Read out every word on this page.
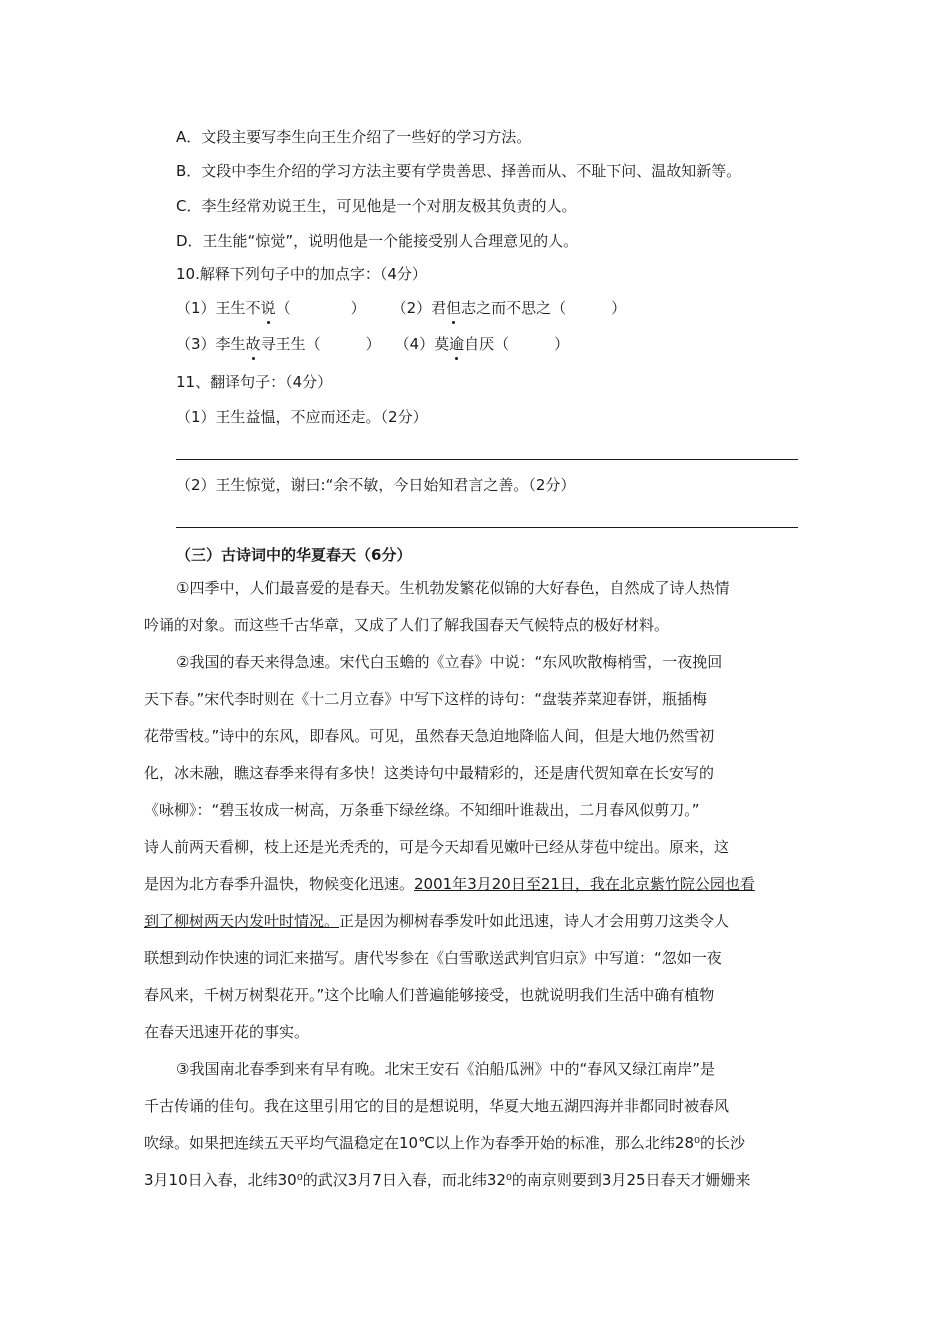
A．文段主要写李生向王生介绍了一些好的学习方法。
B．文段中李生介绍的学习方法主要有学贵善思、择善而从、不耻下问、温故知新等。
C．李生经常劝说王生，可见他是一个对朋友极其负责的人。
D．王生能“惊觉”，说明他是一个能接受别人合理意见的人。
10.解释下列句子中的加点字：（4分）
（1）王生不说（　　　　） （2）君但志之而不思之（　　　）
（3）李生故寻王生（　　　） （4）莫逾自厌（　　　）
11、翻译句子：（4分）
（1）王生益愠，不应而还走。（2分）
（2）王生惊觉，谢曰:“余不敏，今日始知君言之善。（2分）
（三）古诗词中的华夏春天（6分）
①四季中，人们最喜爱的是春天。生机勃发繁花似锦的大好春色，自然成了诗人热情
吟诵的对象。而这些千古华章，又成了人们了解我国春天气候特点的极好材料。
②我国的春天来得急速。宋代白玉蟾的《立春》中说：“东风吹散梅梢雪，一夜挽回
天下春。”宋代李时则在《十二月立春》中写下这样的诗句：“盘装荞菜迎春饼，瓶插梅
花带雪枝。”诗中的东风，即春风。可见，虽然春天急迫地降临人间，但是大地仍然雪初
化，冰未融，瞧这春季来得有多快！这类诗句中最精彩的，还是唐代贺知章在长安写的
《咏柳》：“碧玉妆成一树高，万条垂下绿丝绦。不知细叶谁裁出，二月春风似剪刀。”
诗人前两天看柳，枝上还是光秃秃的，可是今天却看见嫩叶已经从芽苞中绽出。原来，这
是因为北方春季升温快，物候变化迅速。2001年3月20日至21日，我在北京紫竹院公园也看
到了柳树两天内发叶时情况。正是因为柳树春季发叶如此迅速，诗人才会用剪刀这类令人
联想到动作快速的词汇来描写。唐代岑参在《白雪歌送武判官归京》中写道：“忽如一夜
春风来，千树万树梨花开。”这个比喻人们普遍能够接受，也就说明我们生活中确有植物
在春天迅速开花的事实。
③我国南北春季到来有早有晚。北宋王安石《泊船瓜洲》中的“春风又绿江南岸”是
千古传诵的佳句。我在这里引用它的目的是想说明，华夏大地五湖四海并非都同时被春风
吹绿。如果把连续五天平均气温稳定在10℃以上作为春季开始的标准，那么北纬28⁰的长沙
3月10日入春，北纬30⁰的武汉3月7日入春，而北纬32⁰的南京则要到3月25日春天才姗姗来
